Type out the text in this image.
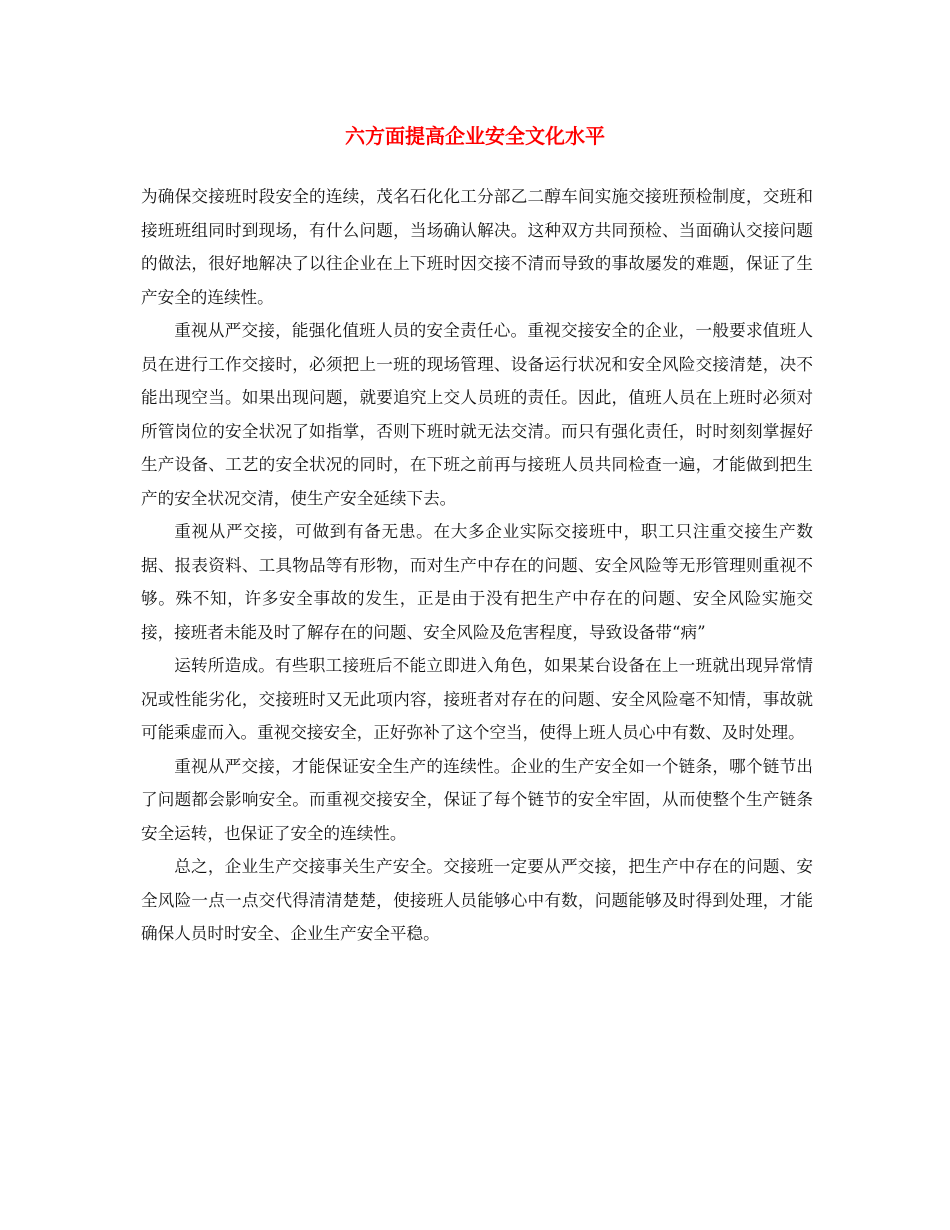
六方面提高企业安全文化水平

为确保交接班时段安全的连续，茂名石化化工分部乙二醇车间实施交接班预检制度，交班和接班班组同时到现场，有什么问题，当场确认解决。这种双方共同预检、当面确认交接问题的做法，很好地解决了以往企业在上下班时因交接不清而导致的事故屡发的难题，保证了生产安全的连续性。

重视从严交接，能强化值班人员的安全责任心。重视交接安全的企业，一般要求值班人员在进行工作交接时，必须把上一班的现场管理、设备运行状况和安全风险交接清楚，决不能出现空当。如果出现问题，就要追究上交人员班的责任。因此，值班人员在上班时必须对所管岗位的安全状况了如指掌，否则下班时就无法交清。而只有强化责任，时时刻刻掌握好生产设备、工艺的安全状况的同时，在下班之前再与接班人员共同检查一遍，才能做到把生产的安全状况交清，使生产安全延续下去。

重视从严交接，可做到有备无患。在大多企业实际交接班中，职工只注重交接生产数据、报表资料、工具物品等有形物，而对生产中存在的问题、安全风险等无形管理则重视不够。殊不知，许多安全事故的发生，正是由于没有把生产中存在的问题、安全风险实施交接，接班者未能及时了解存在的问题、安全风险及危害程度，导致设备带“病”

运转所造成。有些职工接班后不能立即进入角色，如果某台设备在上一班就出现异常情况或性能劣化，交接班时又无此项内容，接班者对存在的问题、安全风险毫不知情，事故就可能乘虚而入。重视交接安全，正好弥补了这个空当，使得上班人员心中有数、及时处理。

重视从严交接，才能保证安全生产的连续性。企业的生产安全如一个链条，哪个链节出了问题都会影响安全。而重视交接安全，保证了每个链节的安全牢固，从而使整个生产链条安全运转，也保证了安全的连续性。

总之，企业生产交接事关生产安全。交接班一定要从严交接，把生产中存在的问题、安全风险一点一点交代得清清楚楚，使接班人员能够心中有数，问题能够及时得到处理，才能确保人员时时安全、企业生产安全平稳。
